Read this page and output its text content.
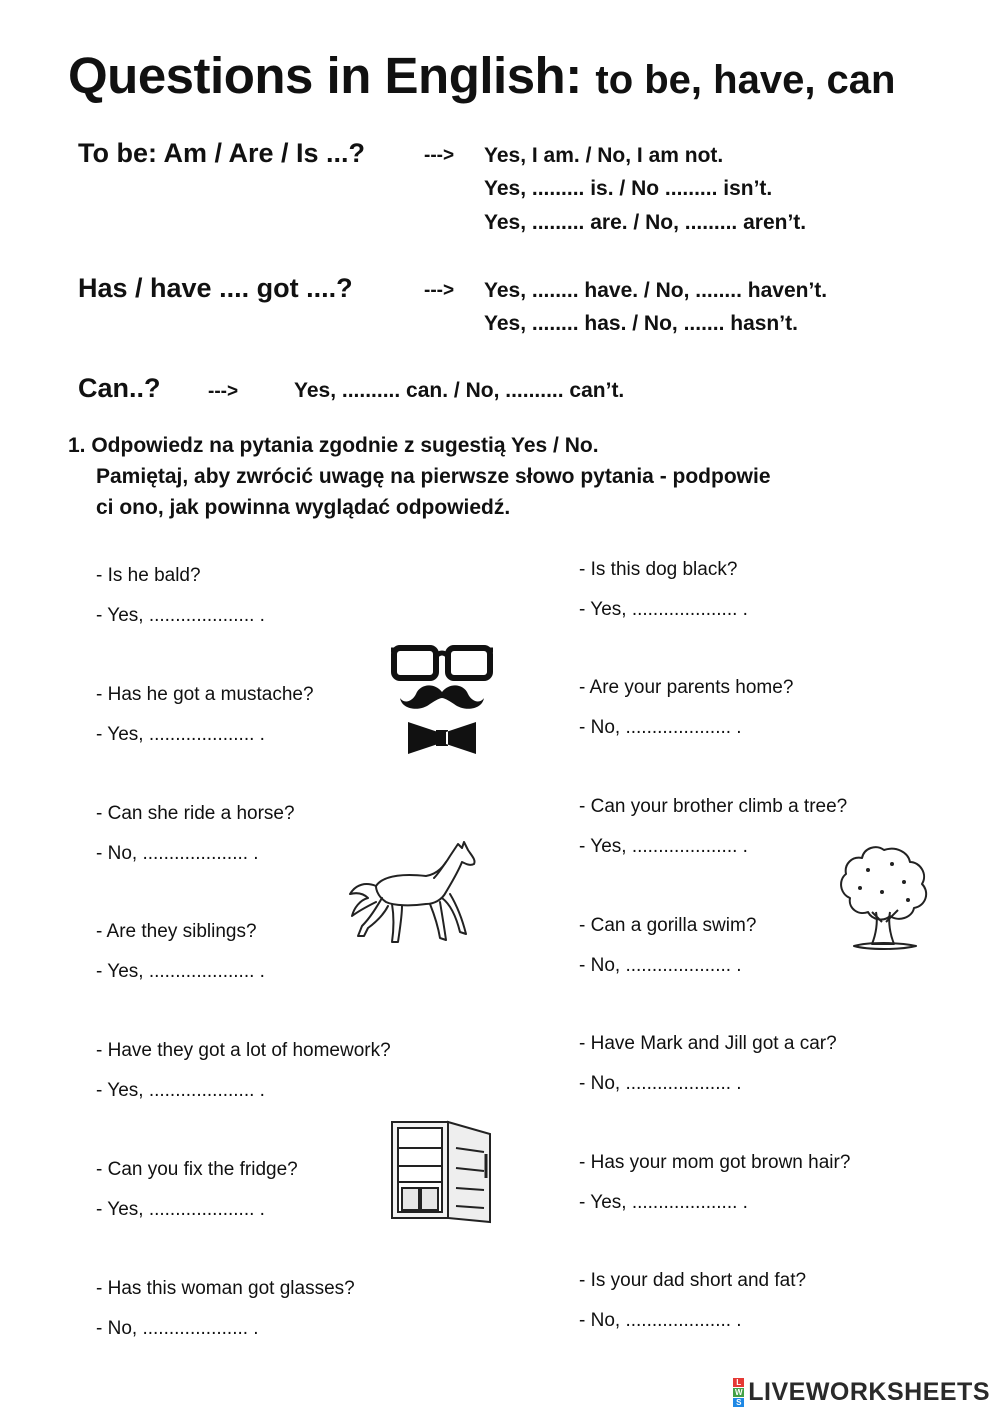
Questions in English: to be, have, can
To be: Am / Are / Is ...?	---> Yes, I am. / No, I am not.
Yes, ......... is. / No ......... isn’t.
Yes, ......... are. / No, ......... aren’t.
Has / have .... got ....?	---> Yes, ........ have. / No, ........ haven’t.
Yes, ........ has. / No, ....... hasn’t.
Can..? --->	Yes, .......... can. / No, .......... can’t.
1. Odpowiedz na pytania zgodnie z sugestią Yes / No.
Pamiętaj, aby zwrócić uwagę na pierwsze słowo pytania - podpowie
ci ono, jak powinna wyglądać odpowiedź.
- Is he bald?
- Yes, .................... .
- Has he got a mustache?
- Yes, .................... .
- Can she ride a horse?
- No, .................... .
- Are they siblings?
- Yes, .................... .
- Have they got a lot of homework?
- Yes, .................... .
- Can you fix the fridge?
- Yes, .................... .
- Has this woman got glasses?
- No, .................... .
- Is this dog black?
- Yes, .................... .
- Are your parents home?
- No, .................... .
- Can your brother climb a tree?
- Yes, .................... .
- Can a gorilla swim?
- No, .................... .
- Have Mark and Jill got a car?
- No, .................... .
- Has your mom got brown hair?
- Yes, .................... .
- Is your dad short and fat?
- No, .................... .
L
W
S LIVEWORKSHEETS
